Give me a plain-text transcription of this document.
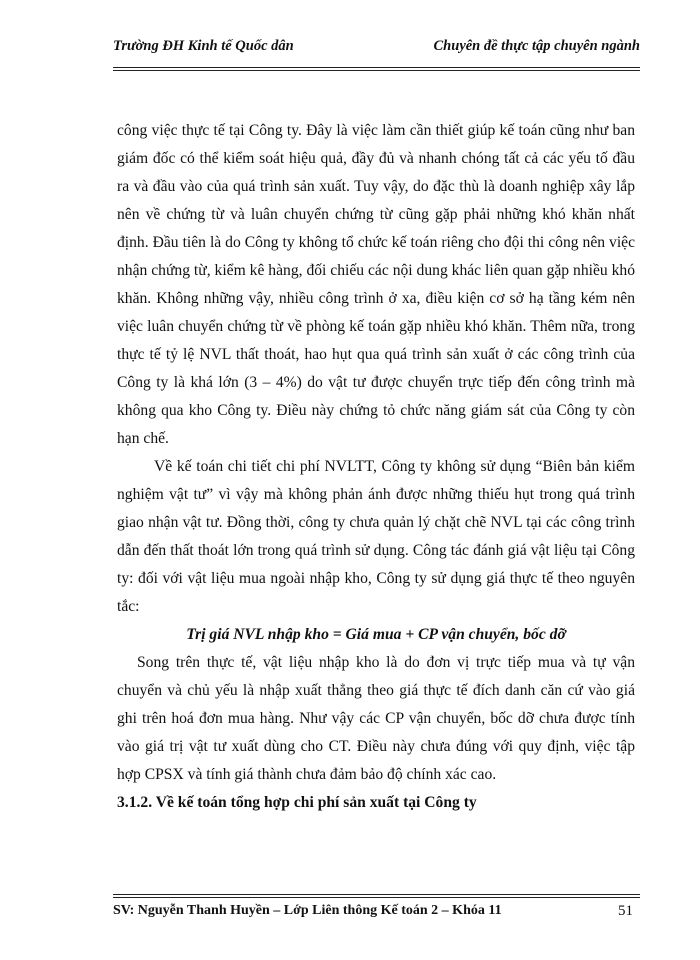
Trường ĐH Kinh tế Quốc dân	Chuyên đề thực tập chuyên ngành

công việc thực tế tại Công ty. Đây là việc làm cần thiết giúp kế toán cũng như ban giám đốc có thể kiểm soát hiệu quả, đầy đủ và nhanh chóng tất cả các yếu tố đầu ra và đầu vào của quá trình sản xuất. Tuy vậy, do đặc thù là doanh nghiệp xây lắp nên về chứng từ và luân chuyển chứng từ cũng gặp phải những khó khăn nhất định. Đầu tiên là do Công ty không tổ chức kế toán riêng cho đội thi công nên việc nhận chứng từ, kiểm kê hàng, đối chiếu các nội dung khác liên quan gặp nhiều khó khăn. Không những vậy, nhiều công trình ở xa, điều kiện cơ sở hạ tầng kém nên việc luân chuyển chứng từ về phòng kế toán gặp nhiều khó khăn. Thêm nữa, trong thực tế tỷ lệ NVL thất thoát, hao hụt qua quá trình sản xuất ở các công trình của Công ty là khá lớn (3 – 4%) do vật tư được chuyển trực tiếp đến công trình mà không qua kho Công ty. Điều này chứng tỏ chức năng giám sát của Công ty còn hạn chế.

Về kế toán chi tiết chi phí NVLTT, Công ty không sử dụng “Biên bản kiểm nghiệm vật tư” vì vậy mà không phản ánh được những thiếu hụt trong quá trình giao nhận vật tư. Đồng thời, công ty chưa quản lý chặt chẽ NVL tại các công trình dẫn đến thất thoát lớn trong quá trình sử dụng. Công tác đánh giá vật liệu tại Công ty: đối với vật liệu mua ngoài nhập kho, Công ty sử dụng giá thực tế theo nguyên tắc:

Trị giá NVL nhập kho = Giá mua + CP vận chuyển, bốc dỡ

Song trên thực tế, vật liệu nhập kho là do đơn vị trực tiếp mua và tự vận chuyển và chủ yếu là nhập xuất thẳng theo giá thực tế đích danh căn cứ vào giá ghi trên hoá đơn mua hàng. Như vậy các CP vận chuyển, bốc dỡ chưa được tính vào giá trị vật tư xuất dùng cho CT. Điều này chưa đúng với quy định, việc tập hợp CPSX và tính giá thành chưa đảm bảo độ chính xác cao.

3.1.2. Về kế toán tổng hợp chi phí sản xuất tại Công ty

SV: Nguyễn Thanh Huyền – Lớp Liên thông Kế toán 2 – Khóa 11	51
